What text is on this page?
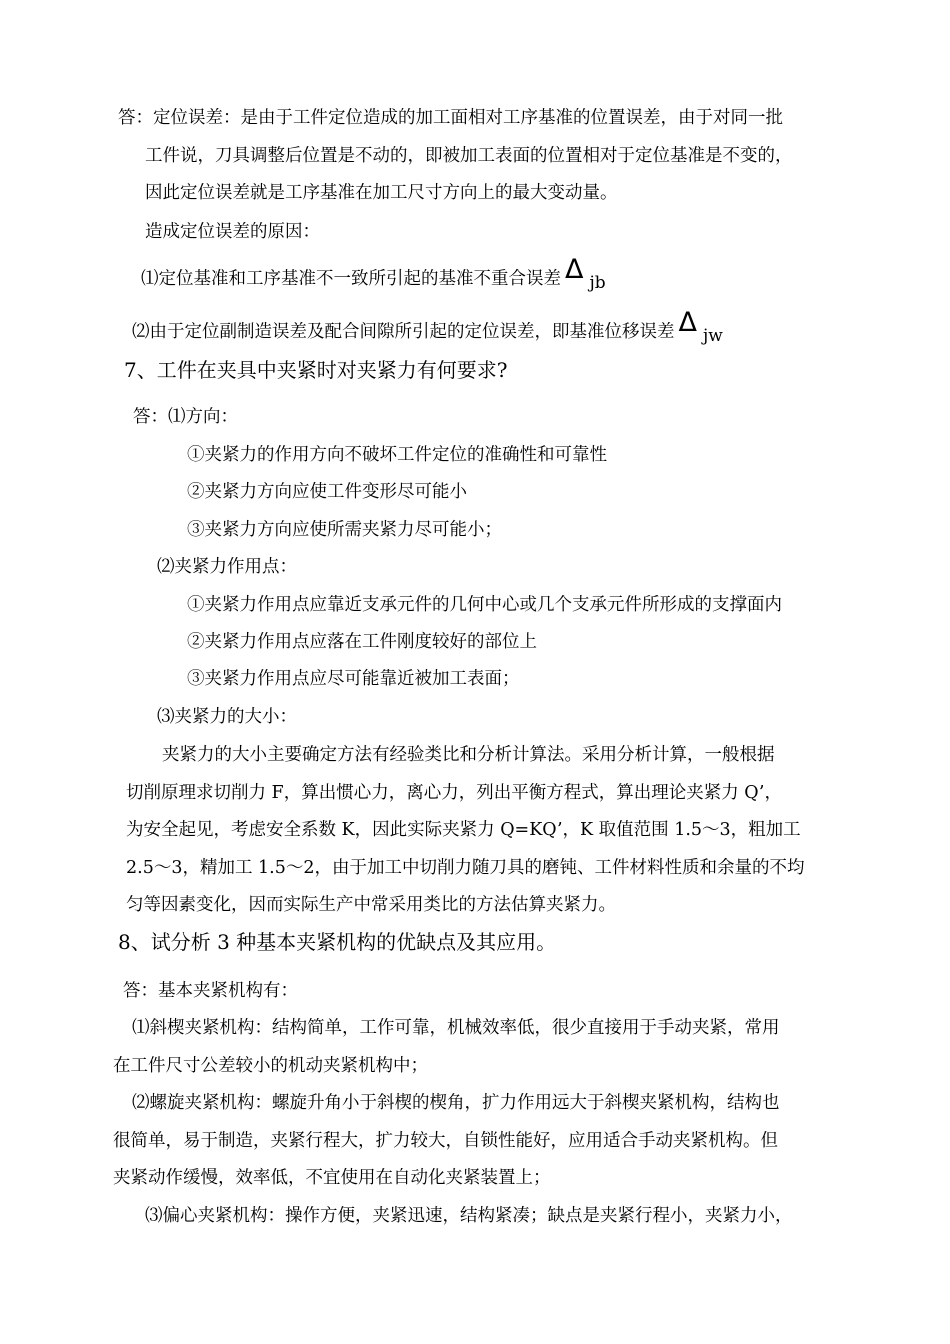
答：定位误差：是由于工件定位造成的加工面相对工序基准的位置误差，由于对同一批
工件说，刀具调整后位置是不动的，即被加工表面的位置相对于定位基准是不变的，
因此定位误差就是工序基准在加工尺寸方向上的最大变动量。
造成定位误差的原因：
⑴定位基准和工序基准不一致所引起的基准不重合误差 Δ jb
⑵由于定位副制造误差及配合间隙所引起的定位误差，即基准位移误差 Δ jw
7、工件在夹具中夹紧时对夹紧力有何要求?
答：⑴方向：
①夹紧力的作用方向不破坏工件定位的准确性和可靠性
②夹紧力方向应使工件变形尽可能小
③夹紧力方向应使所需夹紧力尽可能小；
⑵夹紧力作用点：
①夹紧力作用点应靠近支承元件的几何中心或几个支承元件所形成的支撑面内
②夹紧力作用点应落在工件刚度较好的部位上
③夹紧力作用点应尽可能靠近被加工表面；
⑶夹紧力的大小：
夹紧力的大小主要确定方法有经验类比和分析计算法。采用分析计算，一般根据
切削原理求切削力 F，算出惯心力，离心力，列出平衡方程式，算出理论夹紧力 Q’，
为安全起见，考虑安全系数 K，因此实际夹紧力 Q=KQ’，K 取值范围 1.5～3，粗加工
2.5～3，精加工 1.5～2，由于加工中切削力随刀具的磨钝、工件材料性质和余量的不均
匀等因素变化，因而实际生产中常采用类比的方法估算夹紧力。
8、试分析 3 种基本夹紧机构的优缺点及其应用。
答：基本夹紧机构有：
⑴斜楔夹紧机构：结构简单，工作可靠，机械效率低，很少直接用于手动夹紧，常用
在工件尺寸公差较小的机动夹紧机构中；
⑵螺旋夹紧机构：螺旋升角小于斜楔的楔角，扩力作用远大于斜楔夹紧机构，结构也
很简单，易于制造，夹紧行程大，扩力较大，自锁性能好，应用适合手动夹紧机构。但
夹紧动作缓慢，效率低，不宜使用在自动化夹紧装置上；
⑶偏心夹紧机构：操作方便，夹紧迅速，结构紧凑；缺点是夹紧行程小，夹紧力小，
